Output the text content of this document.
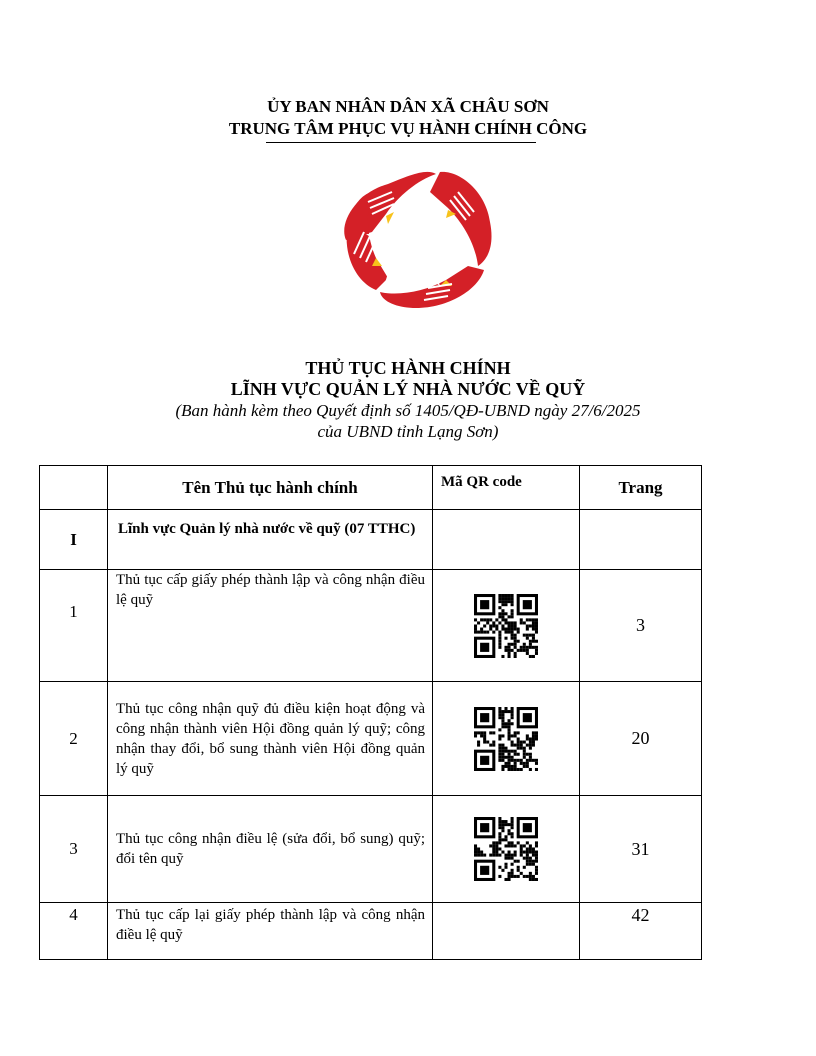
ỦY BAN NHÂN DÂN XÃ CHÂU SƠN
TRUNG TÂM PHỤC VỤ HÀNH CHÍNH CÔNG
THỦ TỤC HÀNH CHÍNH
LĨNH VỰC QUẢN LÝ NHÀ NƯỚC VỀ QUỸ
(Ban hành kèm theo Quyết định số 1405/QĐ-UBND ngày 27/6/2025
của UBND tỉnh Lạng Sơn)
	Tên Thủ tục hành chính	Mã QR code	Trang
I	Lĩnh vực Quản lý nhà nước về quỹ (07 TTHC)		
1	Thủ tục cấp giấy phép thành lập và công nhận điều lệ quỹ		3
2	Thủ tục công nhận quỹ đủ điều kiện hoạt động và công nhận thành viên Hội đồng quản lý quỹ; công nhận thay đổi, bổ sung thành viên Hội đồng quản lý quỹ		20
3	Thủ tục công nhận điều lệ (sửa đổi, bổ sung) quỹ; đổi tên quỹ		31
4	Thủ tục cấp lại giấy phép thành lập và công nhận điều lệ quỹ		42
